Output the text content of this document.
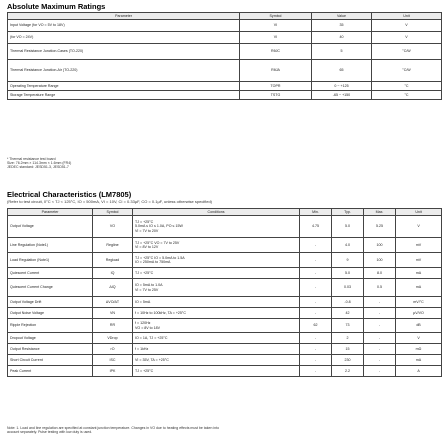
Absolute Maximum Ratings
Parameter	Symbol	Value	Unit
Input Voltage (for VO = 5V to 18V)	VI	35	V
(for VO = 24V)	VI	40	V
Thermal Resistance Junction-Cases (TO-220)	RθJC	5	°C/W
Thermal Resistance Junction-Air (TO-220)	RθJA	65	°C/W
Operating Temperature Range	TOPR	0 ~ +125	°C
Storage Temperature Range	TSTG	-65 ~ +150	°C
* Thermal resistance test board
Size: 76.2mm × 114.3mm × 1.6mm (FR4)
JEDEC standard: JESD51-3, JESD51-7
Electrical Characteristics (LM7805)
(Refer to test circuit, 0°C < TJ < 125°C, IO = 500mA, VI = 10V, CI = 0.33µF, CO = 0.1µF, unless otherwise specified)
Parameter	Symbol	Conditions	Min.	Typ.	Max.	Unit
Output Voltage	VO	TJ = +25°C
5.0mA ≤ IO ≤ 1.0A, PO ≤ 15W
VI = 7V to 20V	4.75	5.0	5.25	V
Line Regulation (Note1)	Regline	TJ = +25°C VO = 7V to 25V
VI = 8V to 12V	-	4.0	100	mV
Load Regulation (Note1)	Regload	TJ = +25°C IO = 5.0mA to 1.5A
IO = 250mA to 750mA	-	9	100	mV
Quiescent Current	IQ	TJ = +25°C	-	5.0	8.0	mA
Quiescent Current Change	ΔIQ	IO = 5mA to 1.0A
VI = 7V to 25V	-	0.03	0.5	mA
Output Voltage Drift	ΔVO/ΔT	IO = 5mA	-	-0.8	-	mV/°C
Output Noise Voltage	VN	f = 10Hz to 100kHz, TA = +25°C	-	42	-	µV/VO
Ripple Rejection	RR	f = 120Hz
VO = 8V to 18V	62	73	-	dB
Dropout Voltage	VDrop	IO = 1A, TJ = +25°C	-	2	-	V
Output Resistance	rO	f = 1kHz	-	15	-	mΩ
Short Circuit Current	ISC	VI = 35V, TA = +25°C	-	230	-	mA
Peak Current	IPK	TJ = +25°C	-	2.2	-	A
Note: 1. Load and line regulation are specified at constant junction temperature. Changes in VO due to heating effects must be taken into
account separately. Pulse testing with low duty is used.
